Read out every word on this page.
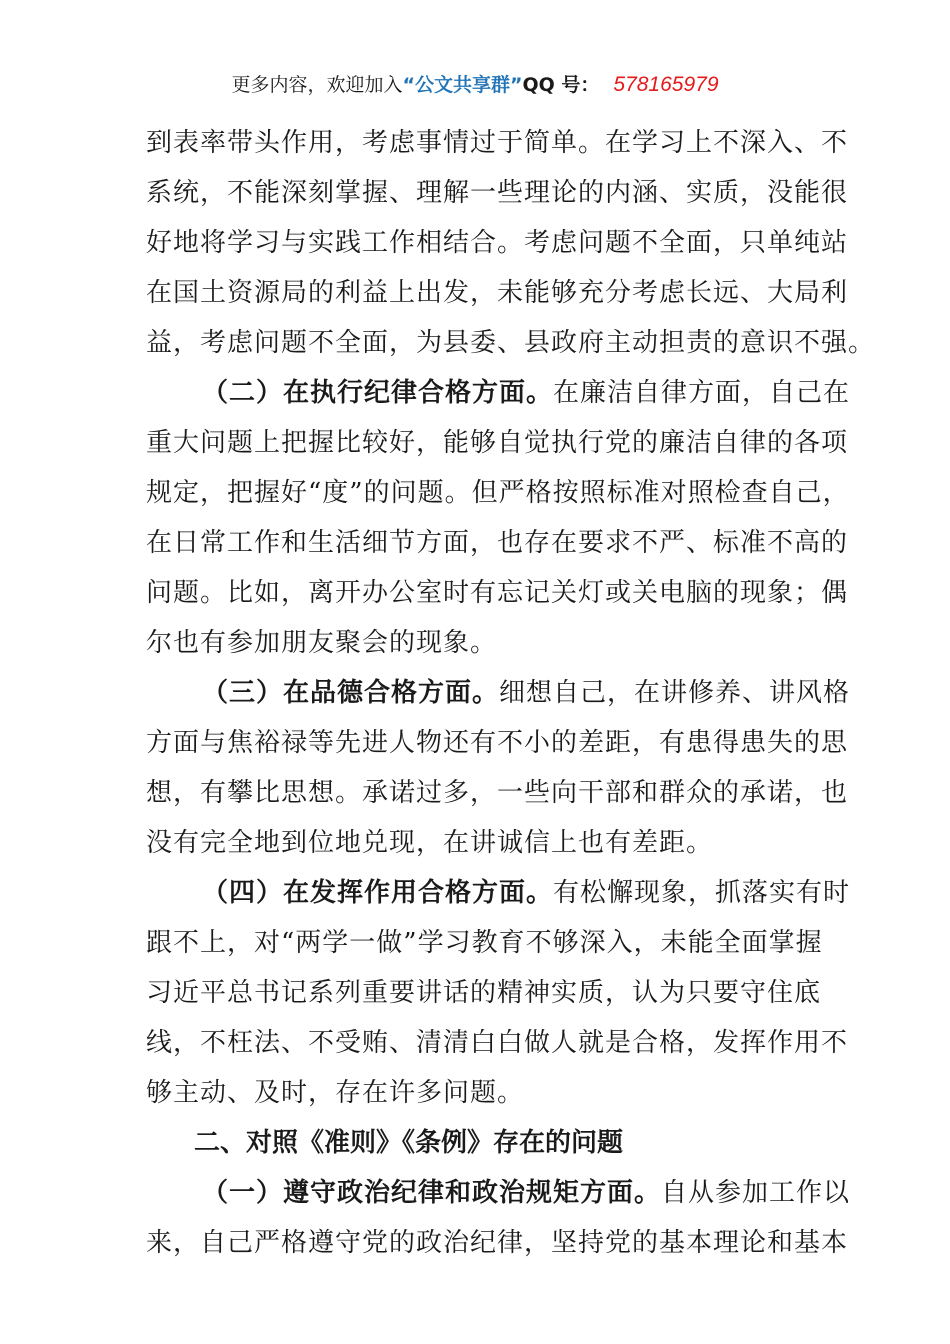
更多内容，欢迎加入“公文共享群”QQ 号： 578165979
到表率带头作用，考虑事情过于简单。在学习上不深入、不
系统，不能深刻掌握、理解一些理论的内涵、实质，没能很
好地将学习与实践工作相结合。考虑问题不全面，只单纯站
在国土资源局的利益上出发，未能够充分考虑长远、大局利
益，考虑问题不全面，为县委、县政府主动担责的意识不强。
（二）在执行纪律合格方面。在廉洁自律方面，自己在
重大问题上把握比较好，能够自觉执行党的廉洁自律的各项
规定，把握好“度”的问题。但严格按照标准对照检查自己，
在日常工作和生活细节方面，也存在要求不严、标准不高的
问题。比如，离开办公室时有忘记关灯或关电脑的现象；偶
尔也有参加朋友聚会的现象。
（三）在品德合格方面。细想自己，在讲修养、讲风格
方面与焦裕禄等先进人物还有不小的差距，有患得患失的思
想，有攀比思想。承诺过多，一些向干部和群众的承诺，也
没有完全地到位地兑现，在讲诚信上也有差距。
（四）在发挥作用合格方面。有松懈现象，抓落实有时
跟不上，对“两学一做”学习教育不够深入，未能全面掌握
习近平总书记系列重要讲话的精神实质，认为只要守住底
线，不枉法、不受贿、清清白白做人就是合格，发挥作用不
够主动、及时，存在许多问题。
二、对照《准则》《条例》存在的问题
（一）遵守政治纪律和政治规矩方面。自从参加工作以
来，自己严格遵守党的政治纪律，坚持党的基本理论和基本
